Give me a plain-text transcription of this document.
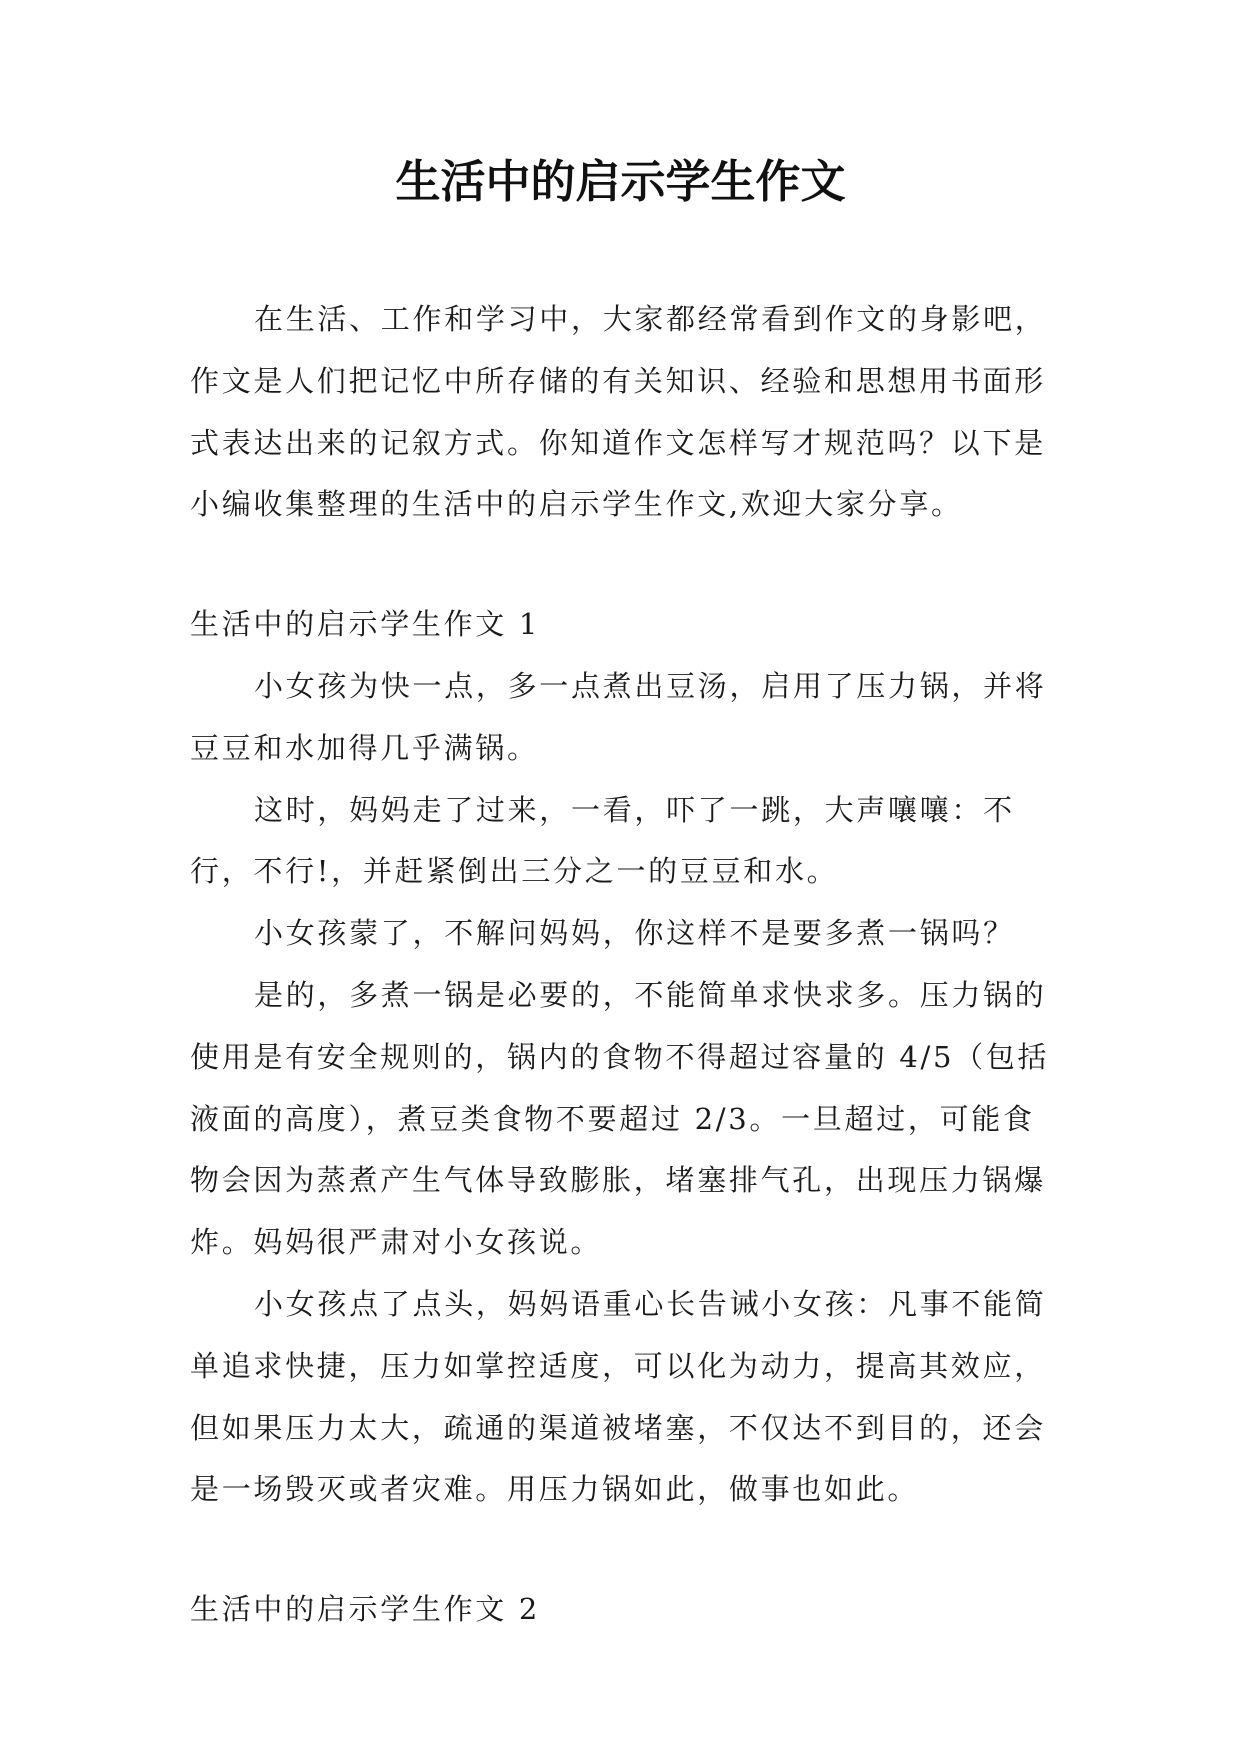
生活中的启示学生作文

在生活、工作和学习中，大家都经常看到作文的身影吧，作文是人们把记忆中所存储的有关知识、经验和思想用书面形式表达出来的记叙方式。你知道作文怎样写才规范吗？以下是小编收集整理的生活中的启示学生作文,欢迎大家分享。

生活中的启示学生作文 1

小女孩为快一点，多一点煮出豆汤，启用了压力锅，并将豆豆和水加得几乎满锅。

这时，妈妈走了过来，一看，吓了一跳，大声嚷嚷：不行，不行!，并赶紧倒出三分之一的豆豆和水。

小女孩蒙了，不解问妈妈，你这样不是要多煮一锅吗？

是的，多煮一锅是必要的，不能简单求快求多。压力锅的使用是有安全规则的，锅内的食物不得超过容量的 4/5（包括液面的高度），煮豆类食物不要超过 2/3。一旦超过，可能食物会因为蒸煮产生气体导致膨胀，堵塞排气孔，出现压力锅爆炸。妈妈很严肃对小女孩说。

小女孩点了点头，妈妈语重心长告诫小女孩：凡事不能简单追求快捷，压力如掌控适度，可以化为动力，提高其效应，但如果压力太大，疏通的渠道被堵塞，不仅达不到目的，还会是一场毁灭或者灾难。用压力锅如此，做事也如此。

生活中的启示学生作文 2
